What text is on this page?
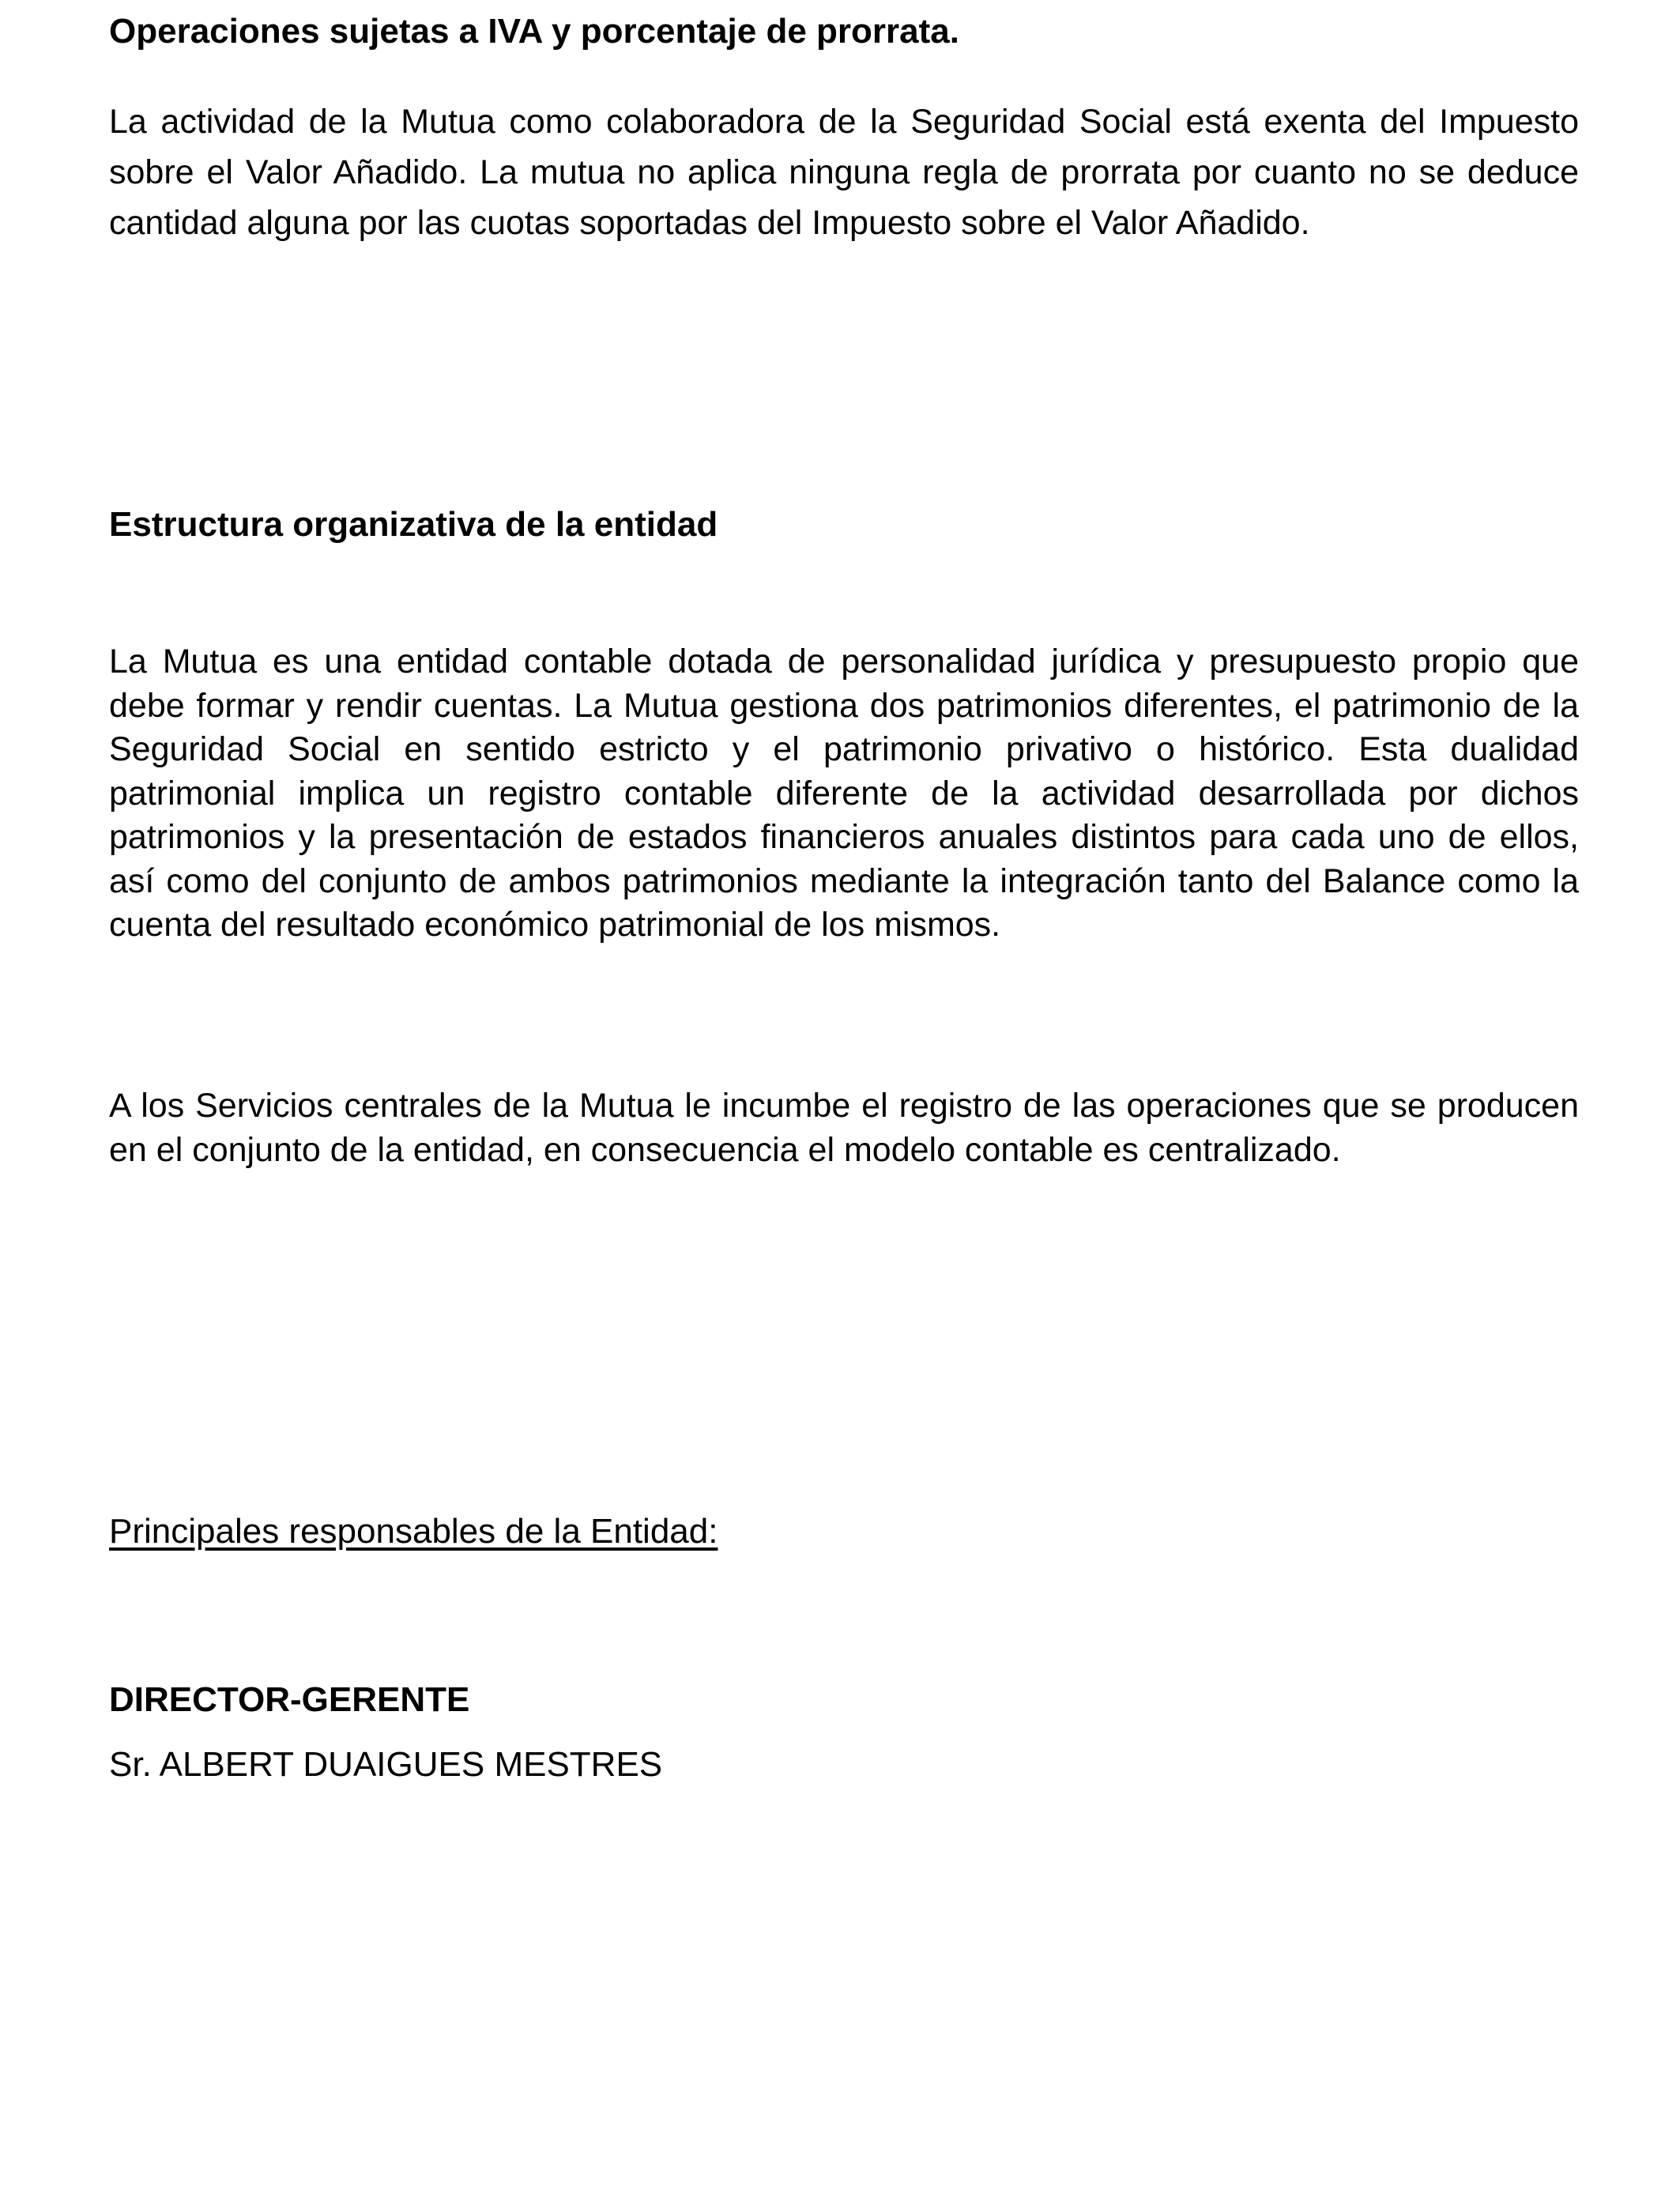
Operaciones sujetas a IVA y porcentaje de prorrata.

La actividad de la Mutua como colaboradora de la Seguridad Social está exenta del Impuesto sobre el Valor Añadido. La mutua no aplica ninguna regla de prorrata por cuanto no se deduce cantidad alguna por las cuotas soportadas del Impuesto sobre el Valor Añadido.

Estructura organizativa de la entidad

La Mutua es una entidad contable dotada de personalidad jurídica y presupuesto propio que debe formar y rendir cuentas. La Mutua gestiona dos patrimonios diferentes, el patrimonio de la Seguridad Social en sentido estricto y el patrimonio privativo o histórico. Esta dualidad patrimonial implica un registro contable diferente de la actividad desarrollada por dichos patrimonios y la presentación de estados financieros anuales distintos para cada uno de ellos, así como del conjunto de ambos patrimonios mediante la integración tanto del Balance como la cuenta del resultado económico patrimonial de los mismos.

A los Servicios centrales de la Mutua le incumbe el registro de las operaciones que se producen en el conjunto de la entidad, en consecuencia el modelo contable es centralizado.

Principales responsables de la Entidad:

DIRECTOR-GERENTE

Sr. ALBERT DUAIGUES MESTRES
